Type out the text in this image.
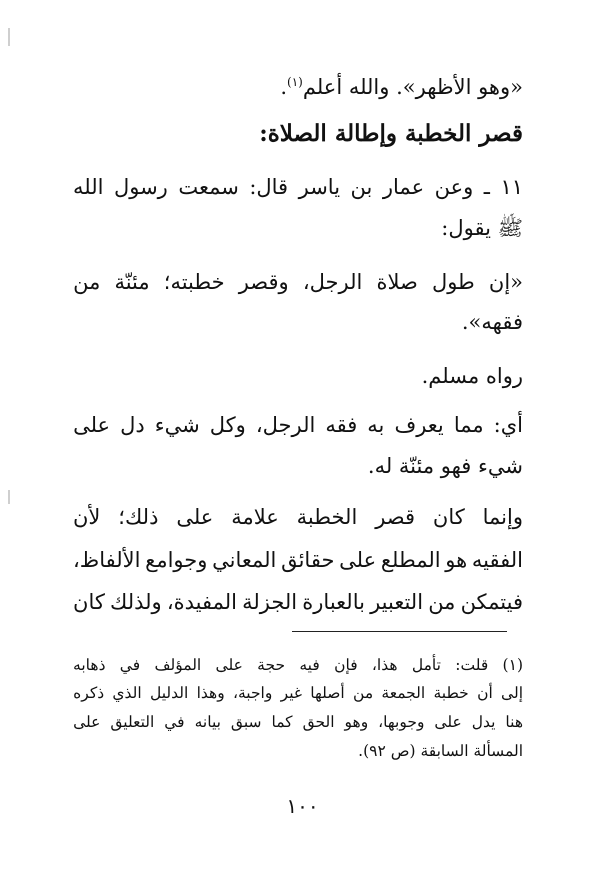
«وهو الأظهر». والله أعلم$^{(١)}$.
قصر الخطبة وإطالة الصلاة:
١١
ـ
وعن
عمار
بن
ياسر
قال:
سمعت
رسول
الله
ﷺ يقول:
«إن
طول
صلاة
الرجل،
وقصر
خطبته؛
مئنّة
من
فقهه».
رواه مسلم.
أي:
مما
يعرف
به
فقه
الرجل،
وكل
شيء
دل
على
شيء فهو مئنّة له.
وإنما
كان
قصر
الخطبة
علامة
على
ذلك؛
لأن
الفقيه
هو
المطلع
على
حقائق
المعاني
وجوامع
الألفاظ،
فيتمكن
من
التعبير
بالعبارة
الجزلة
المفيدة،
ولذلك
كان
(١)
قلت:
تأمل
هذا،
فإن
فيه
حجة
على
المؤلف
في
ذهابه
إلى
أن
خطبة
الجمعة
من
أصلها
غير
واجبة،
وهذا
الدليل
الذي
ذكره
هنا
يدل
على
وجوبها،
وهو
الحق
كما
سبق
بيانه
في
التعليق
على
المسألة السابقة (ص ٩٢).
١٠٠
